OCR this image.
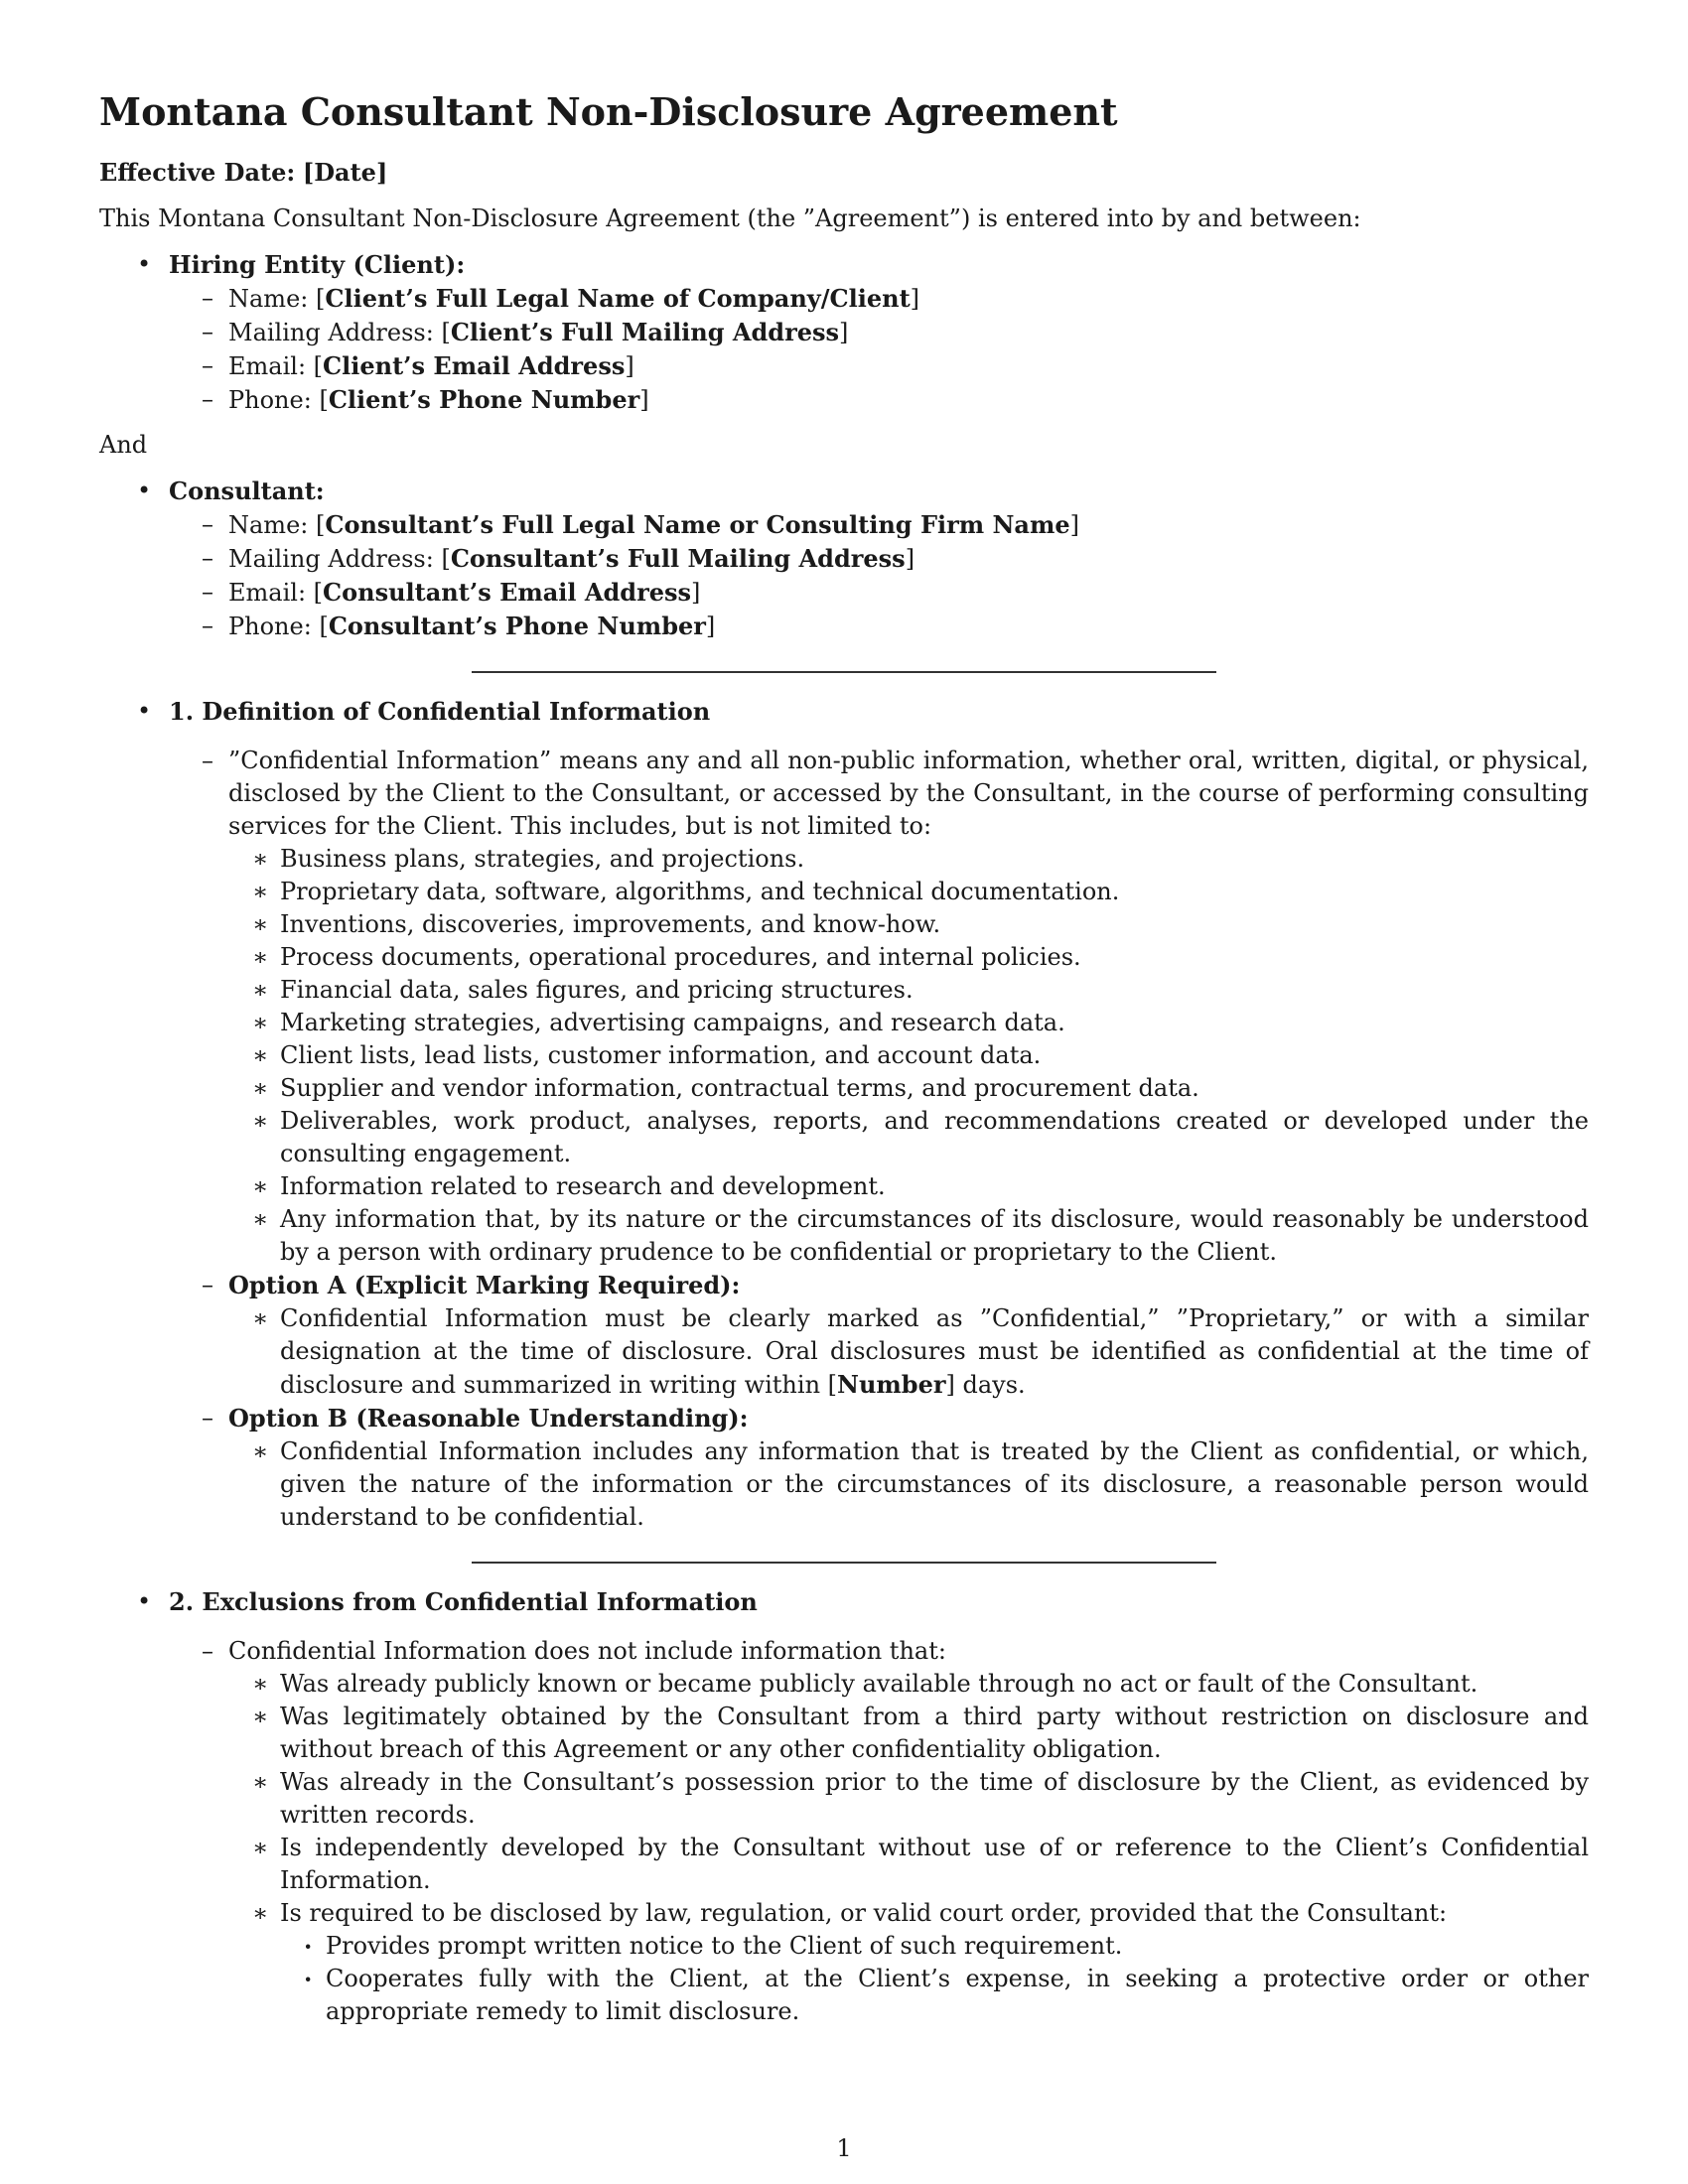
Montana Consultant Non-Disclosure Agreement
Effective Date: [Date]

This Montana Consultant Non-Disclosure Agreement (the ”Agreement”) is entered into by and between:

• Hiring Entity (Client):
– Name: [Client’s Full Legal Name of Company/Client]
– Mailing Address: [Client’s Full Mailing Address]
– Email: [Client’s Email Address]
– Phone: [Client’s Phone Number]
And
• Consultant:
– Name: [Consultant’s Full Legal Name or Consulting Firm Name]
– Mailing Address: [Consultant’s Full Mailing Address]
– Email: [Consultant’s Email Address]
– Phone: [Consultant’s Phone Number]
• 1. Definition of Confidential Information
– ”Confidential Information” means any and all non-public information, whether oral, written, digital, or physical, disclosed by the Client to the Consultant, or accessed by the Consultant, in the course of performing consulting services for the Client. This includes, but is not limited to:
∗ Business plans, strategies, and projections.
∗ Proprietary data, software, algorithms, and technical documentation.
∗ Inventions, discoveries, improvements, and know-how.
∗ Process documents, operational procedures, and internal policies.
∗ Financial data, sales figures, and pricing structures.
∗ Marketing strategies, advertising campaigns, and research data.
∗ Client lists, lead lists, customer information, and account data.
∗ Supplier and vendor information, contractual terms, and procurement data.
∗ Deliverables, work product, analyses, reports, and recommendations created or developed under the consulting engagement.
∗ Information related to research and development.
∗ Any information that, by its nature or the circumstances of its disclosure, would reasonably be understood by a person with ordinary prudence to be confidential or proprietary to the Client.
– Option A (Explicit Marking Required):
∗ Confidential Information must be clearly marked as ”Confidential,” ”Proprietary,” or with a similar designation at the time of disclosure. Oral disclosures must be identified as confidential at the time of disclosure and summarized in writing within [Number] days.
– Option B (Reasonable Understanding):
∗ Confidential Information includes any information that is treated by the Client as confidential, or which, given the nature of the information or the circumstances of its disclosure, a reasonable person would understand to be confidential.
• 2. Exclusions from Confidential Information
– Confidential Information does not include information that:
∗ Was already publicly known or became publicly available through no act or fault of the Consultant.
∗ Was legitimately obtained by the Consultant from a third party without restriction on disclosure and without breach of this Agreement or any other confidentiality obligation.
∗ Was already in the Consultant’s possession prior to the time of disclosure by the Client, as evidenced by written records.
∗ Is independently developed by the Consultant without use of or reference to the Client’s Confidential Information.
∗ Is required to be disclosed by law, regulation, or valid court order, provided that the Consultant:
· Provides prompt written notice to the Client of such requirement.
· Cooperates fully with the Client, at the Client’s expense, in seeking a protective order or other appropriate remedy to limit disclosure.
1
